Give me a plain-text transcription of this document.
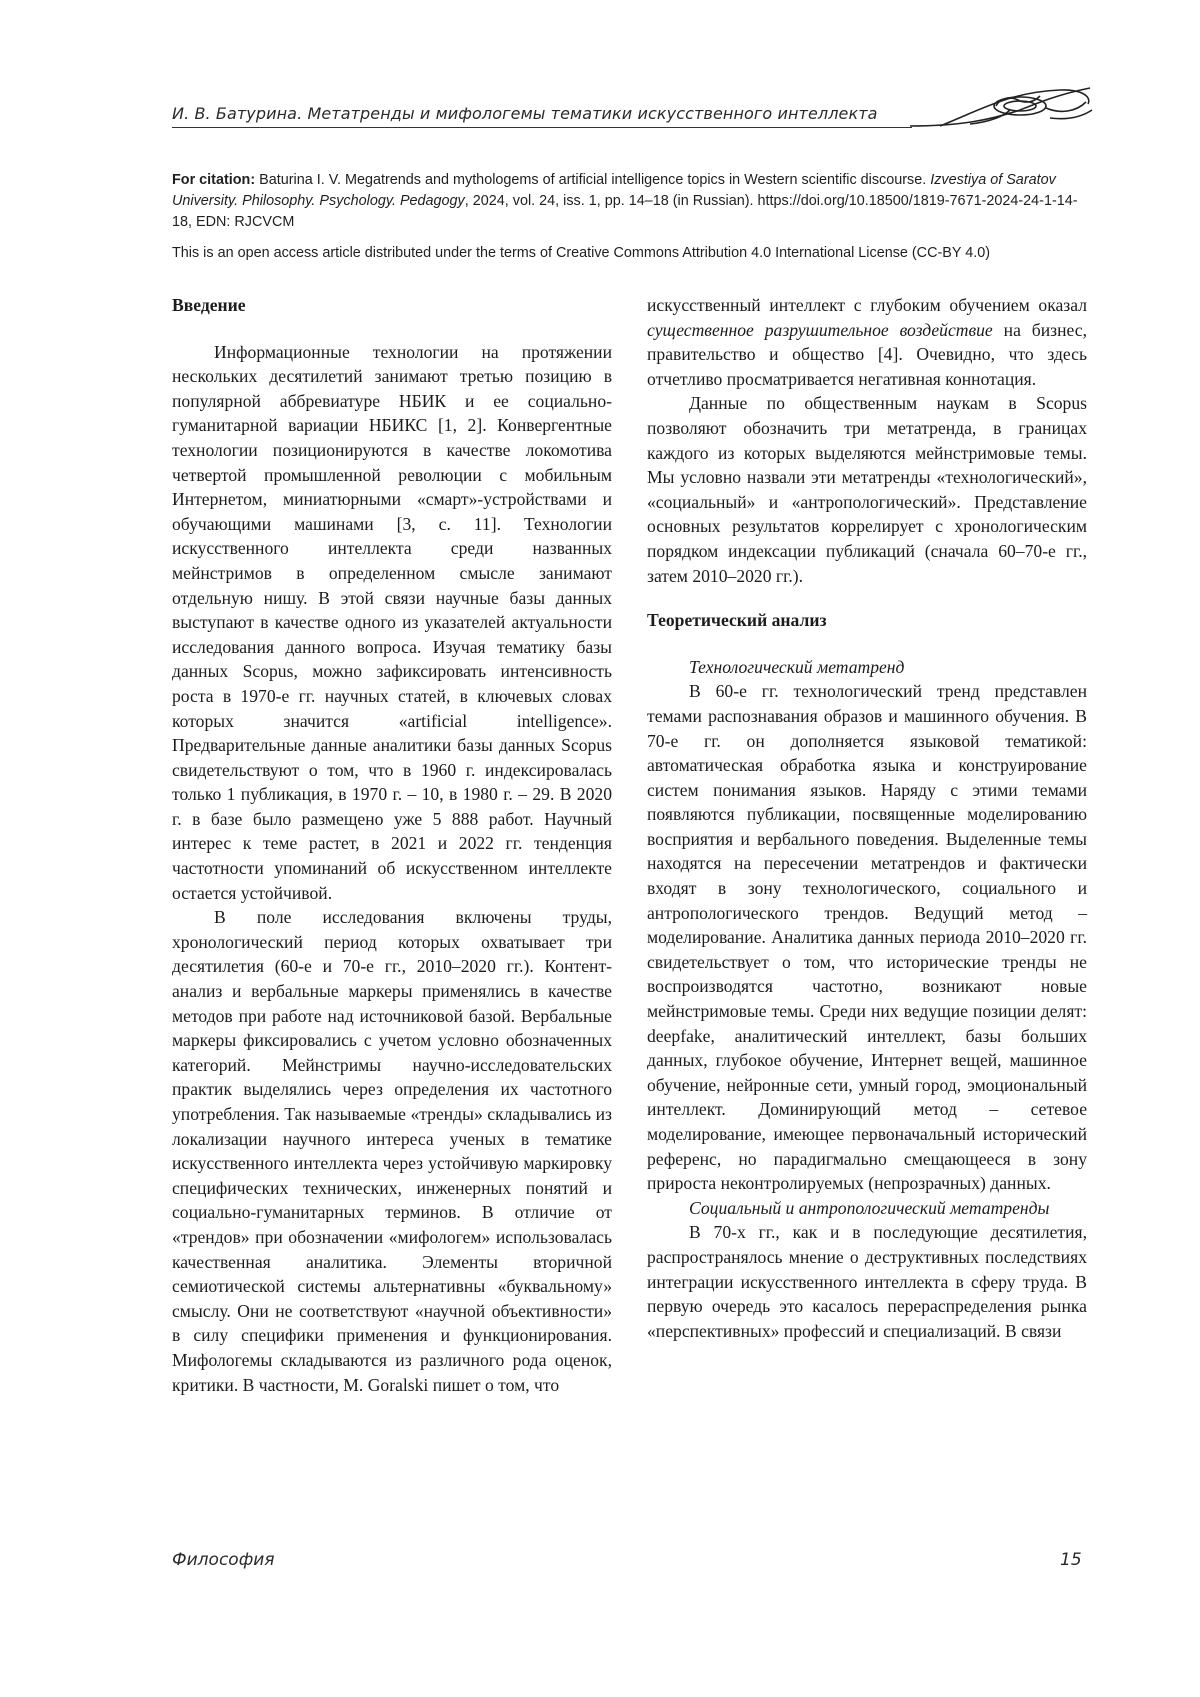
И. В. Батурина. Метатренды и мифологемы тематики искусственного интеллекта
For citation: Baturina I. V. Megatrends and mythologems of artificial intelligence topics in Western scientific discourse. Izvestiya of Saratov University. Philosophy. Psychology. Pedagogy, 2024, vol. 24, iss. 1, pp. 14–18 (in Russian). https://doi.org/10.18500/1819-7671-2024-24-1-14-18, EDN: RJCVCM
This is an open access article distributed under the terms of Creative Commons Attribution 4.0 International License (CC-BY 4.0)

Введение

Информационные технологии на протяжении нескольких десятилетий занимают третью позицию в популярной аббревиатуре НБИК и ее социально-гуманитарной вариации НБИКС [1, 2]. Конвергентные технологии позиционируются в качестве локомотива четвертой промышленной революции с мобильным Интернетом, миниатюрными «смарт»-устройствами и обучающими машинами [3, с. 11]. Технологии искусственного интеллекта среди названных мейнстримов в определенном смысле занимают отдельную нишу. В этой связи научные базы данных выступают в качестве одного из указателей актуальности исследования данного вопроса. Изучая тематику базы данных Scopus, можно зафиксировать интенсивность роста в 1970-е гг. научных статей, в ключевых словах которых значится «artificial intelligence». Предварительные данные аналитики базы данных Scopus свидетельствуют о том, что в 1960 г. индексировалась только 1 публикация, в 1970 г. – 10, в 1980 г. – 29. В 2020 г. в базе было размещено уже 5 888 работ. Научный интерес к теме растет, в 2021 и 2022 гг. тенденция частотности упоминаний об искусственном интеллекте остается устойчивой.

В поле исследования включены труды, хронологический период которых охватывает три десятилетия (60-е и 70-е гг., 2010–2020 гг.). Контент-анализ и вербальные маркеры применялись в качестве методов при работе над источниковой базой. Вербальные маркеры фиксировались с учетом условно обозначенных категорий. Мейнстримы научно-исследовательских практик выделялись через определения их частотного употребления. Так называемые «тренды» складывались из локализации научного интереса ученых в тематике искусственного интеллекта через устойчивую маркировку специфических технических, инженерных понятий и социально-гуманитарных терминов. В отличие от «трендов» при обозначении «мифологем» использовалась качественная аналитика. Элементы вторичной семиотической системы альтернативны «буквальному» смыслу. Они не соответствуют «научной объективности» в силу специфики применения и функционирования. Мифологемы складываются из различного рода оценок, критики. В частности, M. Goralski пишет о том, что

искусственный интеллект с глубоким обучением оказал существенное разрушительное воздействие на бизнес, правительство и общество [4]. Очевидно, что здесь отчетливо просматривается негативная коннотация.

Данные по общественным наукам в Scopus позволяют обозначить три метатренда, в границах каждого из которых выделяются мейнстримовые темы. Мы условно назвали эти метатренды «технологический», «социальный» и «антропологический». Представление основных результатов коррелирует с хронологическим порядком индексации публикаций (сначала 60–70-е гг., затем 2010–2020 гг.).

Теоретический анализ

Технологический метатренд

В 60-е гг. технологический тренд представлен темами распознавания образов и машинного обучения. В 70-е гг. он дополняется языковой тематикой: автоматическая обработка языка и конструирование систем понимания языков. Наряду с этими темами появляются публикации, посвященные моделированию восприятия и вербального поведения. Выделенные темы находятся на пересечении метатрендов и фактически входят в зону технологического, социального и антропологического трендов. Ведущий метод – моделирование. Аналитика данных периода 2010–2020 гг. свидетельствует о том, что исторические тренды не воспроизводятся частотно, возникают новые мейнстримовые темы. Среди них ведущие позиции делят: deepfake, аналитический интеллект, базы больших данных, глубокое обучение, Интернет вещей, машинное обучение, нейронные сети, умный город, эмоциональный интеллект. Доминирующий метод – сетевое моделирование, имеющее первоначальный исторический референс, но парадигмально смещающееся в зону прироста неконтролируемых (непрозрачных) данных.

Социальный и антропологический метатренды

В 70-х гг., как и в последующие десятилетия, распространялось мнение о деструктивных последствиях интеграции искусственного интеллекта в сферу труда. В первую очередь это касалось перераспределения рынка «перспективных» профессий и специализаций. В связи

Философия	15
